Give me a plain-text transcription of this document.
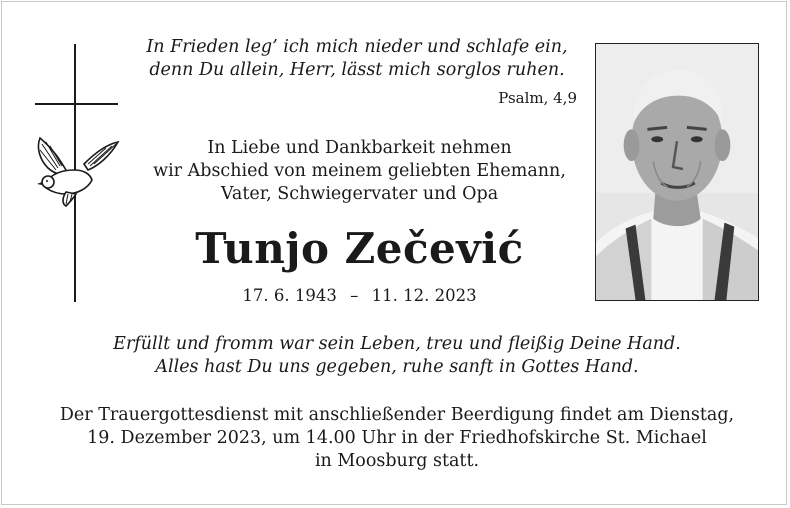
In Frieden leg’ ich mich nieder und schlafe ein,
denn Du allein, Herr, lässt mich sorglos ruhen.
Psalm, 4,9
In Liebe und Dankbarkeit nehmen
wir Abschied von meinem geliebten Ehemann,
Vater, Schwiegervater und Opa
Tunjo Zečević
17. 6. 1943 – 11. 12. 2023
Erfüllt und fromm war sein Leben, treu und fleißig Deine Hand.
Alles hast Du uns gegeben, ruhe sanft in Gottes Hand.
Der Trauergottesdienst mit anschließender Beerdigung findet am Dienstag,
19. Dezember 2023, um 14.00 Uhr in der Friedhofskirche St. Michael
in Moosburg statt.
